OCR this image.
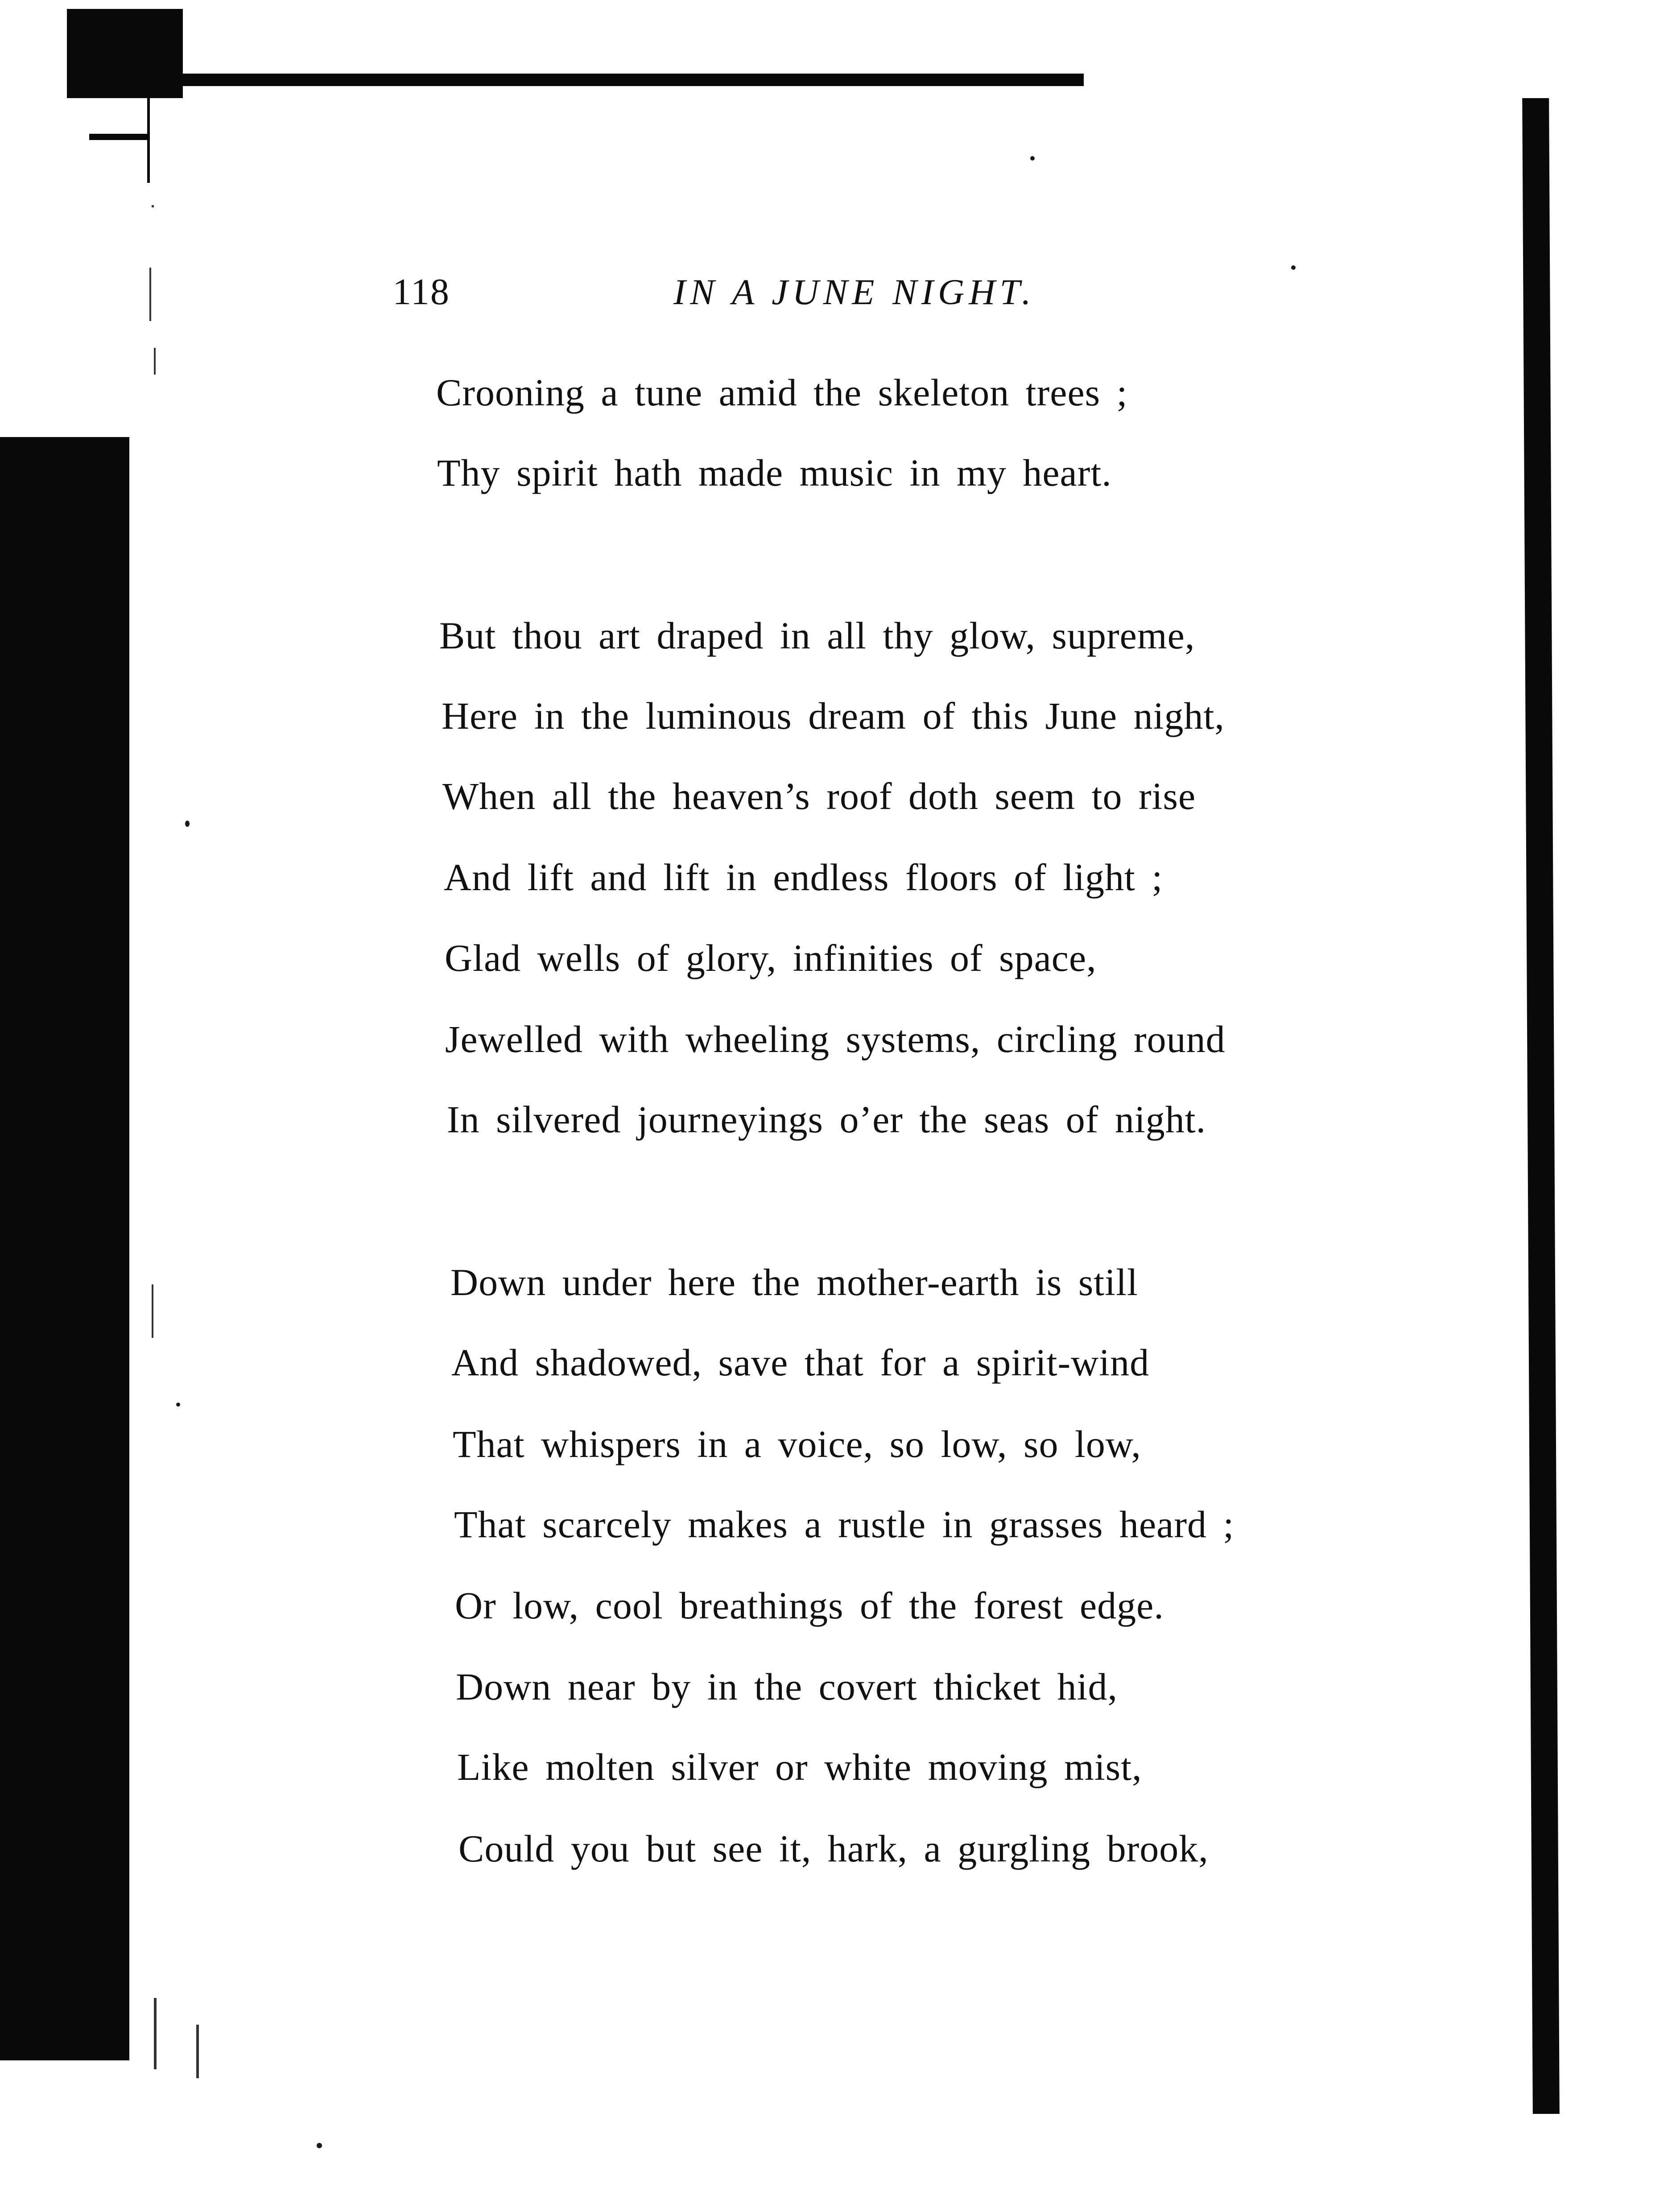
118	IN A JUNE NIGHT.
Crooning a tune amid the skeleton trees ;
Thy spirit hath made music in my heart.
But thou art draped in all thy glow, supreme,
Here in the luminous dream of this June night,
When all the heaven’s roof doth seem to rise
And lift and lift in endless floors of light ;
Glad wells of glory, infinities of space,
Jewelled with wheeling systems, circling round
In silvered journeyings o’er the seas of night.
Down under here the mother-earth is still
And shadowed, save that for a spirit-wind
That whispers in a voice, so low, so low,
That scarcely makes a rustle in grasses heard ;
Or low, cool breathings of the forest edge.
Down near by in the covert thicket hid,
Like molten silver or white moving mist,
Could you but see it, hark, a gurgling brook,
